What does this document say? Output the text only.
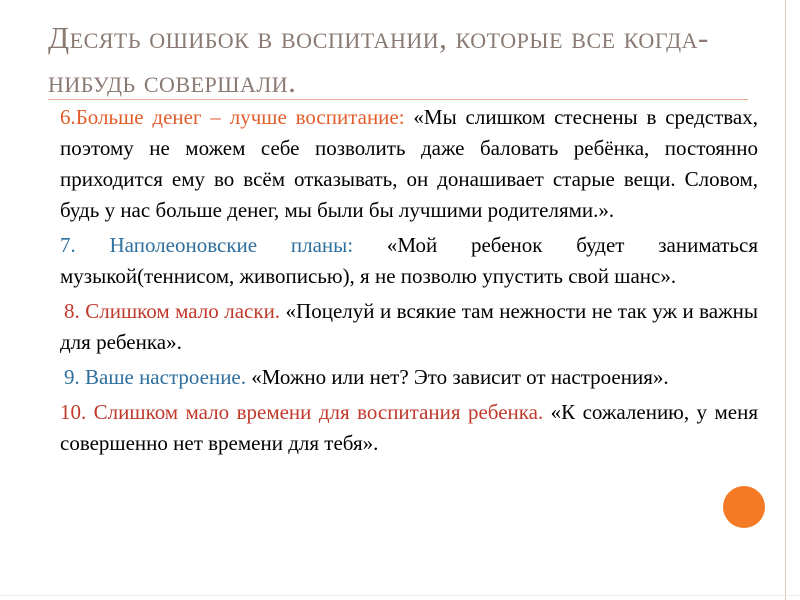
Десять ошибок в воспитании, которые все когда-нибудь совершали.
6.Больше денег – лучше воспитание: «Мы слишком стеснены в средствах, поэтому не можем себе позволить даже баловать ребёнка, постоянно приходится ему во всём отказывать, он донашивает старые вещи. Словом, будь у нас больше денег, мы были бы лучшими родителями.».
7. Наполеоновские планы: «Мой ребенок будет заниматься музыкой(теннисом, живописью), я не позволю упустить свой шанс».
8. Слишком мало ласки. «Поцелуй и всякие там нежности не так уж и важны для ребенка».
9. Ваше настроение. «Можно или нет? Это зависит от настроения».
10. Слишком мало времени для воспитания ребенка. «К сожалению, у меня совершенно нет времени для тебя».
